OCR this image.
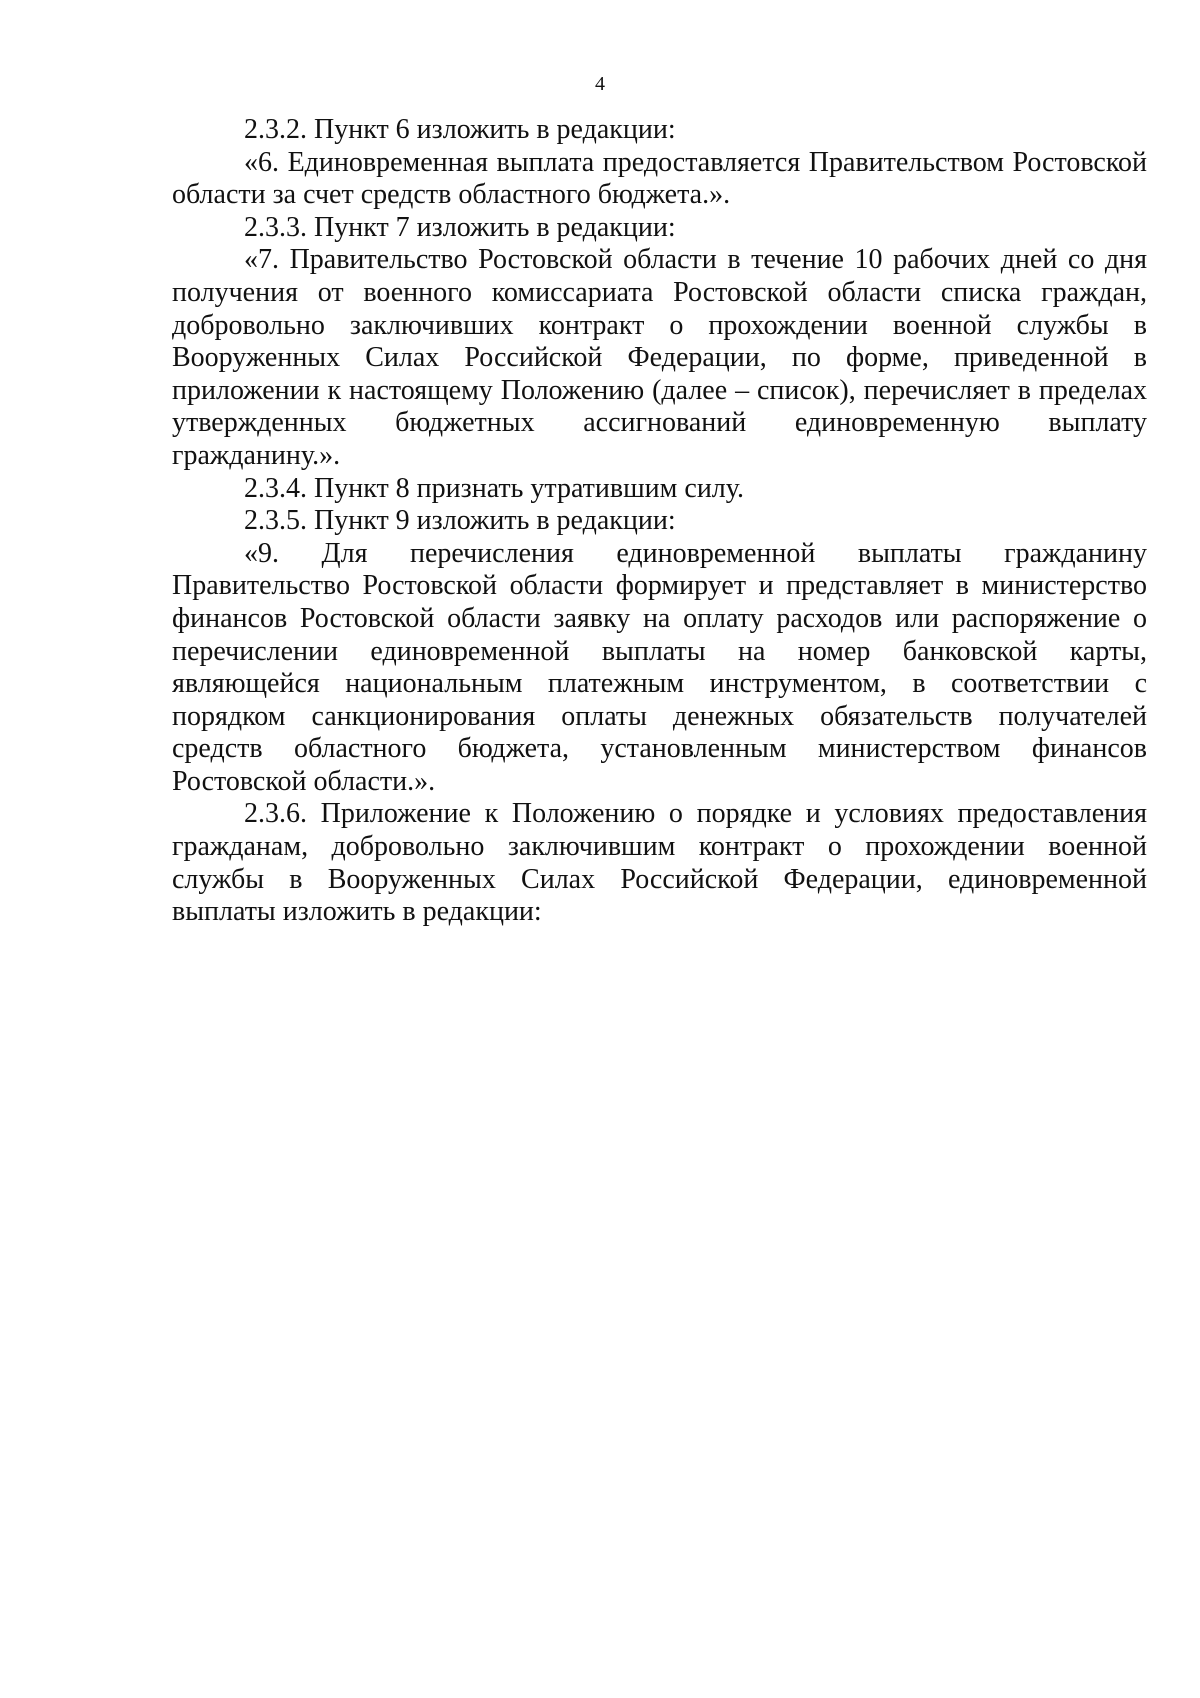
4

2.3.2. Пункт 6 изложить в редакции:

«6. Единовременная выплата предоставляется Правительством Ростовской области за счет средств областного бюджета.».

2.3.3. Пункт 7 изложить в редакции:

«7. Правительство Ростовской области в течение 10 рабочих дней со дня получения от военного комиссариата Ростовской области списка граждан, добровольно заключивших контракт о прохождении военной службы в Вооруженных Силах Российской Федерации, по форме, приведенной в приложении к настоящему Положению (далее – список), перечисляет в пределах утвержденных бюджетных ассигнований единовременную выплату гражданину.».

2.3.4. Пункт 8 признать утратившим силу.

2.3.5. Пункт 9 изложить в редакции:

«9. Для перечисления единовременной выплаты гражданину Правительство Ростовской области формирует и представляет в министерство финансов Ростовской области заявку на оплату расходов или распоряжение о перечислении единовременной выплаты на номер банковской карты, являющейся национальным платежным инструментом, в соответствии с порядком санкционирования оплаты денежных обязательств получателей средств областного бюджета, установленным министерством финансов Ростовской области.».

2.3.6. Приложение к Положению о порядке и условиях предоставления гражданам, добровольно заключившим контракт о прохождении военной службы в Вооруженных Силах Российской Федерации, единовременной выплаты изложить в редакции:
